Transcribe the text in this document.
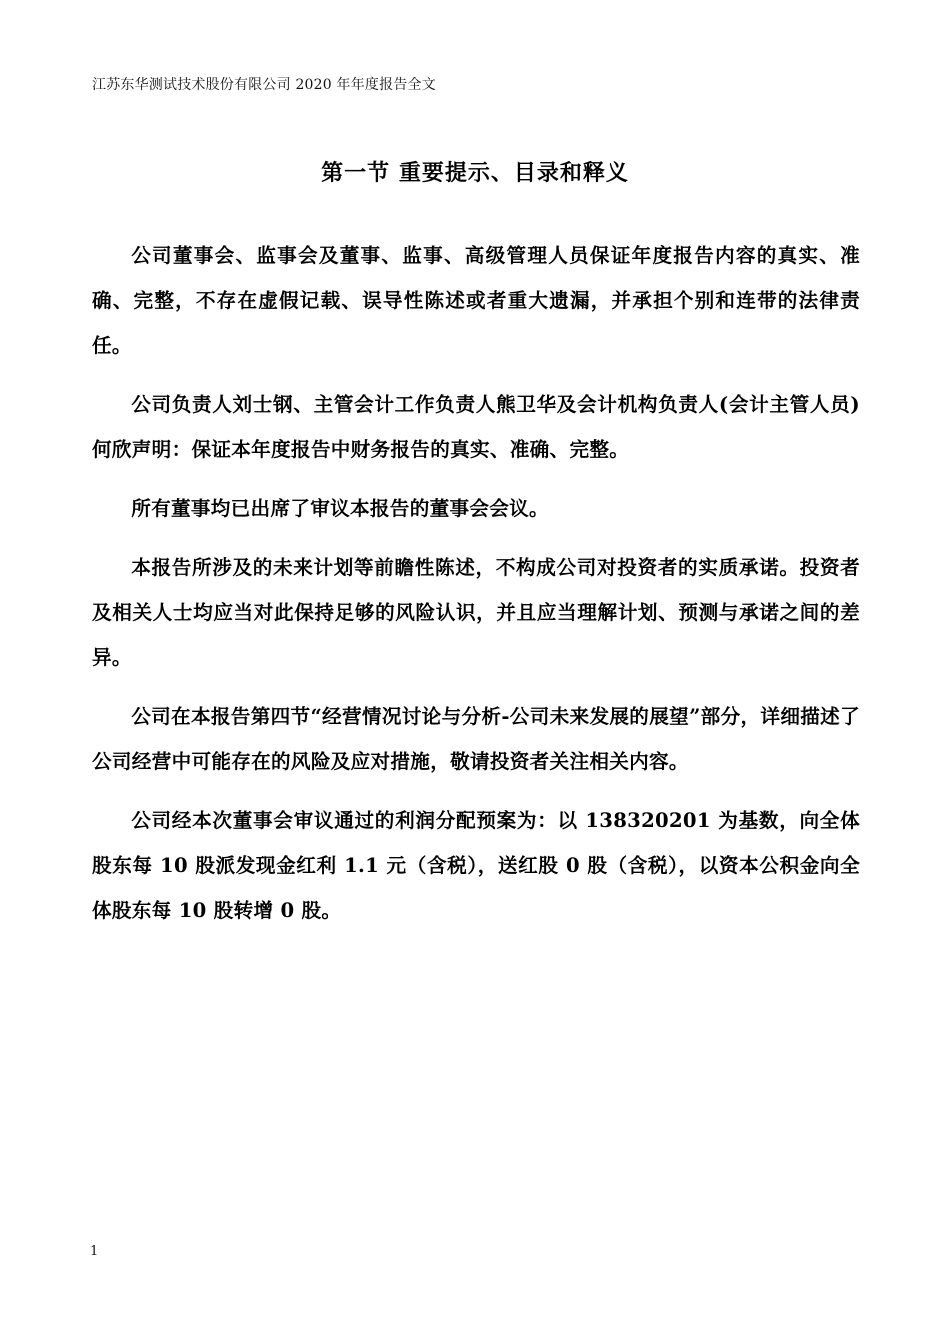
江苏东华测试技术股份有限公司 2020 年年度报告全文
第一节 重要提示、目录和释义

公司董事会、监事会及董事、监事、高级管理人员保证年度报告内容的真实、准确、完整，不存在虚假记载、误导性陈述或者重大遗漏，并承担个别和连带的法律责任。

公司负责人刘士钢、主管会计工作负责人熊卫华及会计机构负责人(会计主管人员)何欣声明：保证本年度报告中财务报告的真实、准确、完整。

所有董事均已出席了审议本报告的董事会会议。

本报告所涉及的未来计划等前瞻性陈述，不构成公司对投资者的实质承诺。投资者及相关人士均应当对此保持足够的风险认识，并且应当理解计划、预测与承诺之间的差异。

公司在本报告第四节“经营情况讨论与分析-公司未来发展的展望”部分，详细描述了公司经营中可能存在的风险及应对措施，敬请投资者关注相关内容。

公司经本次董事会审议通过的利润分配预案为：以 138320201 为基数，向全体股东每 10 股派发现金红利 1.1 元（含税），送红股 0 股（含税），以资本公积金向全体股东每 10 股转增 0 股。

1
